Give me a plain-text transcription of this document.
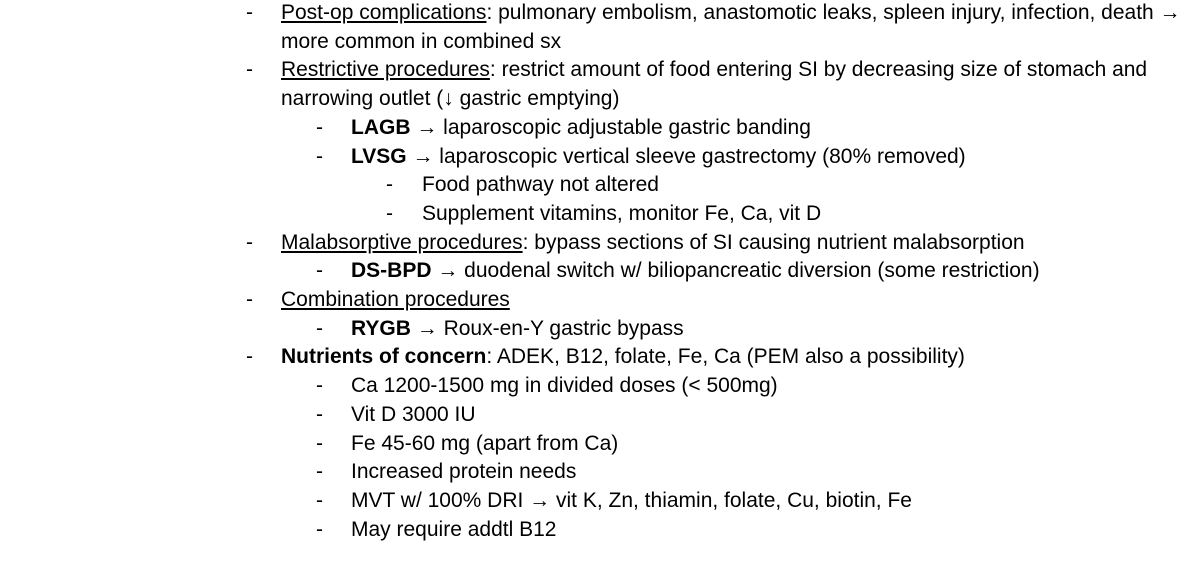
- Post-op complications: pulmonary embolism, anastomotic leaks, spleen injury, infection, death → more common in combined sx
- Restrictive procedures: restrict amount of food entering SI by decreasing size of stomach and narrowing outlet (↓ gastric emptying)
- LAGB → laparoscopic adjustable gastric banding
- LVSG → laparoscopic vertical sleeve gastrectomy (80% removed)
- Food pathway not altered
- Supplement vitamins, monitor Fe, Ca, vit D
- Malabsorptive procedures: bypass sections of SI causing nutrient malabsorption
- DS-BPD → duodenal switch w/ biliopancreatic diversion (some restriction)
- Combination procedures
- RYGB → Roux-en-Y gastric bypass
- Nutrients of concern: ADEK, B12, folate, Fe, Ca (PEM also a possibility)
- Ca 1200-1500 mg in divided doses (< 500mg)
- Vit D 3000 IU
- Fe 45-60 mg (apart from Ca)
- Increased protein needs
- MVT w/ 100% DRI → vit K, Zn, thiamin, folate, Cu, biotin, Fe
- May require addtl B12
